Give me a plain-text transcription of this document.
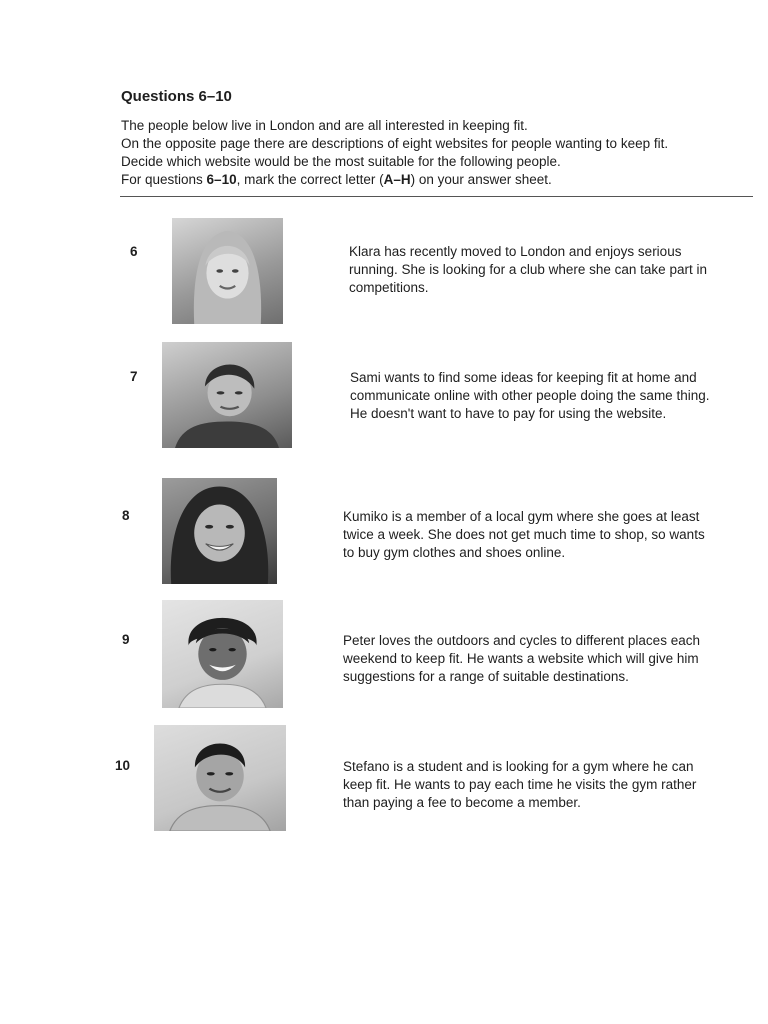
Questions 6–10

The people below live in London and are all interested in keeping fit.

On the opposite page there are descriptions of eight websites for people wanting to keep fit.

Decide which website would be the most suitable for the following people.

For questions 6–10, mark the correct letter (A–H) on your answer sheet.

6	Klara has recently moved to London and enjoys serious
running. She is looking for a club where she can take part in
competitions.
7	Sami wants to find some ideas for keeping fit at home and
communicate online with other people doing the same thing.
He doesn't want to have to pay for using the website.
8	Kumiko is a member of a local gym where she goes at least
twice a week. She does not get much time to shop, so wants
to buy gym clothes and shoes online.
9	Peter loves the outdoors and cycles to different places each
weekend to keep fit. He wants a website which will give him
suggestions for a range of suitable destinations.
10	Stefano is a student and is looking for a gym where he can
keep fit. He wants to pay each time he visits the gym rather
than paying a fee to become a member.
